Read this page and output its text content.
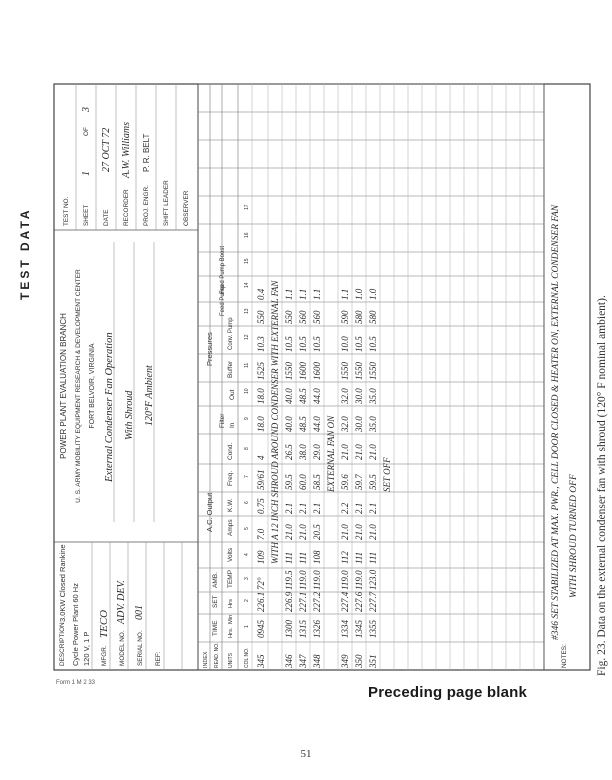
DESCRIPTION
3.0KW Closed Rankine Cycle Power Plant 60 Hz 120 V, 1 P MFGR.
TECO
MODEL NO.
ADV. DEV.
SERIAL NO.
001
REF:
POWER PLANT EVALUATION BRANCH U. S. ARMY MOBILITY EQUIPMENT RESEARCH & DEVELOPMENT CENTER FORT BELVOIR, VIRGINIA External Condenser Fan Operation With Shroud 120°F Ambient
TEST NO. SHEET
1
OF
3
DATE
27 OCT 72
RECORDER
A.W. Williams
PROJ. ENGR.
P. R. BELT
SHIFT LEADER OBSERVER
INDEX READ. NO. UNITS COL NO.
TIME
SET
AMB.
Hrs.
Min
Hrs
TEMP
A.C. Output
Volts
Amps
K.W.
Freq.
Pressures
Cond.
Filter In
Out
Buffer
Conv. Pump
Feed Pump
Feed Pump Boost
1
2
3
4
5
6
7
8
9
10
11
12
13
14
15
16
17
345
0945
226.1
72°
109
7.0
0.75
59/61
4
18.0
18.0
1525
10.3
550
0.4 WITH A 12 INCH SHROUD AROUND CONDENSER WITH EXTERNAL FAN
346
1300
226.9
119.5
111
21.0
2.1
59.5
26.5
40.0
40.0
1550
10.5
550
1.1
347
1315
227.1
119.0
111
21.0
2.1
60.0
38.0
48.5
48.5
1600
10.5
560
1.1
348
1326
227.2
119.0
108
20.5
2.1
58.5
29.0
44.0
44.0
1600
10.5
560
1.1
EXTERNAL FAN ON
349
1334
227.4
119.0
112
21.0
2.2
59.6
21.0
32.0
32.0
1550
10.0
590
1.1
350
1345
227.6
119.0
111
21.0
2.1
59.7
21.0
30.0
30.0
1550
10.5
580
1.0
351
1355
227.7
123.0
111
21.0
2.1
59.5
21.0
35.0
35.0
1550
10.5
580
1.0
SET OFF
NOTES:
#346 SET STABILIZED AT MAX. PWR., CELL DOOR CLOSED & HEATER ON, EXTERNAL CONDENSER FAN WITH SHROUD TURNED OFF
TEST DATA
Fig. 23. Data on the external condenser fan with shroud (120° F nominal ambient).
Preceding page blank
51
Form 1 M 2 33
